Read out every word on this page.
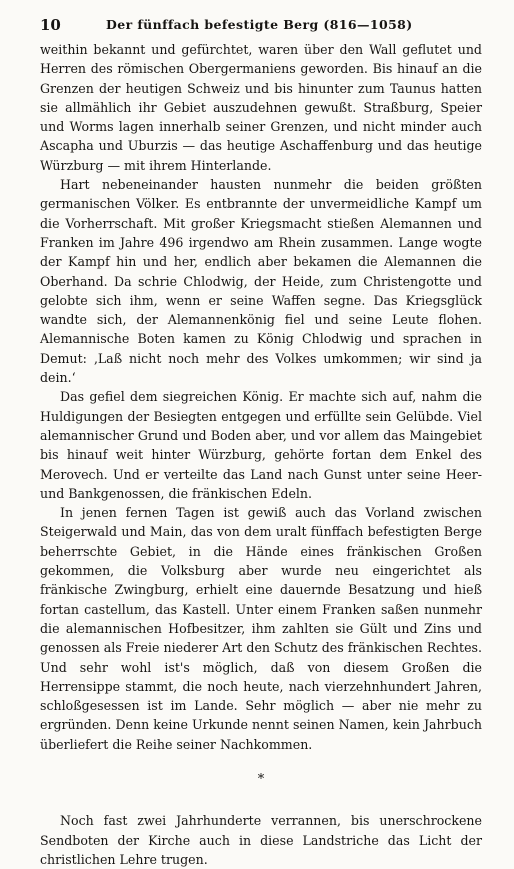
10	Der fünffach befestigte Berg (816—1058)

weithin bekannt und gefürchtet, waren über den Wall geflutet und Herren des römischen Obergermaniens geworden. Bis hinauf an die Grenzen der heutigen Schweiz und bis hinunter zum Taunus hatten sie allmählich ihr Gebiet auszudehnen gewußt. Straßburg, Speier und Worms lagen innerhalb seiner Grenzen, und nicht minder auch Ascapha und Uburzis — das heutige Aschaffenburg und das heutige Würzburg — mit ihrem Hinterlande.

Hart nebeneinander hausten nunmehr die beiden größten germanischen Völker. Es entbrannte der unvermeidliche Kampf um die Vorherrschaft. Mit großer Kriegsmacht stießen Alemannen und Franken im Jahre 496 irgendwo am Rhein zusammen. Lange wogte der Kampf hin und her, endlich aber bekamen die Alemannen die Oberhand. Da schrie Chlodwig, der Heide, zum Christengotte und gelobte sich ihm, wenn er seine Waffen segne. Das Kriegsglück wandte sich, der Alemannenkönig fiel und seine Leute flohen. Alemannische Boten kamen zu König Chlodwig und sprachen in Demut: ‚Laß nicht noch mehr des Volkes umkommen; wir sind ja dein.‘

Das gefiel dem siegreichen König. Er machte sich auf, nahm die Huldigungen der Besiegten entgegen und erfüllte sein Gelübde. Viel alemannischer Grund und Boden aber, und vor allem das Maingebiet bis hinauf weit hinter Würzburg, gehörte fortan dem Enkel des Merovech. Und er verteilte das Land nach Gunst unter seine Heer- und Bankgenossen, die fränkischen Edeln.

In jenen fernen Tagen ist gewiß auch das Vorland zwischen Steigerwald und Main, das von dem uralt fünffach befestigten Berge beherrschte Gebiet, in die Hände eines fränkischen Großen gekommen, die Volksburg aber wurde neu eingerichtet als fränkische Zwingburg, erhielt eine dauernde Besatzung und hieß fortan castellum, das Kastell. Unter einem Franken saßen nunmehr die alemannischen Hofbesitzer, ihm zahlten sie Gült und Zins und genossen als Freie niederer Art den Schutz des fränkischen Rechtes. Und sehr wohl ist's möglich, daß von diesem Großen die Herrensippe stammt, die noch heute, nach vierzehnhundert Jahren, schloßgesessen ist im Lande. Sehr möglich — aber nie mehr zu ergründen. Denn keine Urkunde nennt seinen Namen, kein Jahrbuch überliefert die Reihe seiner Nachkommen.

*

Noch fast zwei Jahrhunderte verrannen, bis unerschrockene Sendboten der Kirche auch in diese Landstriche das Licht der christlichen Lehre trugen.
